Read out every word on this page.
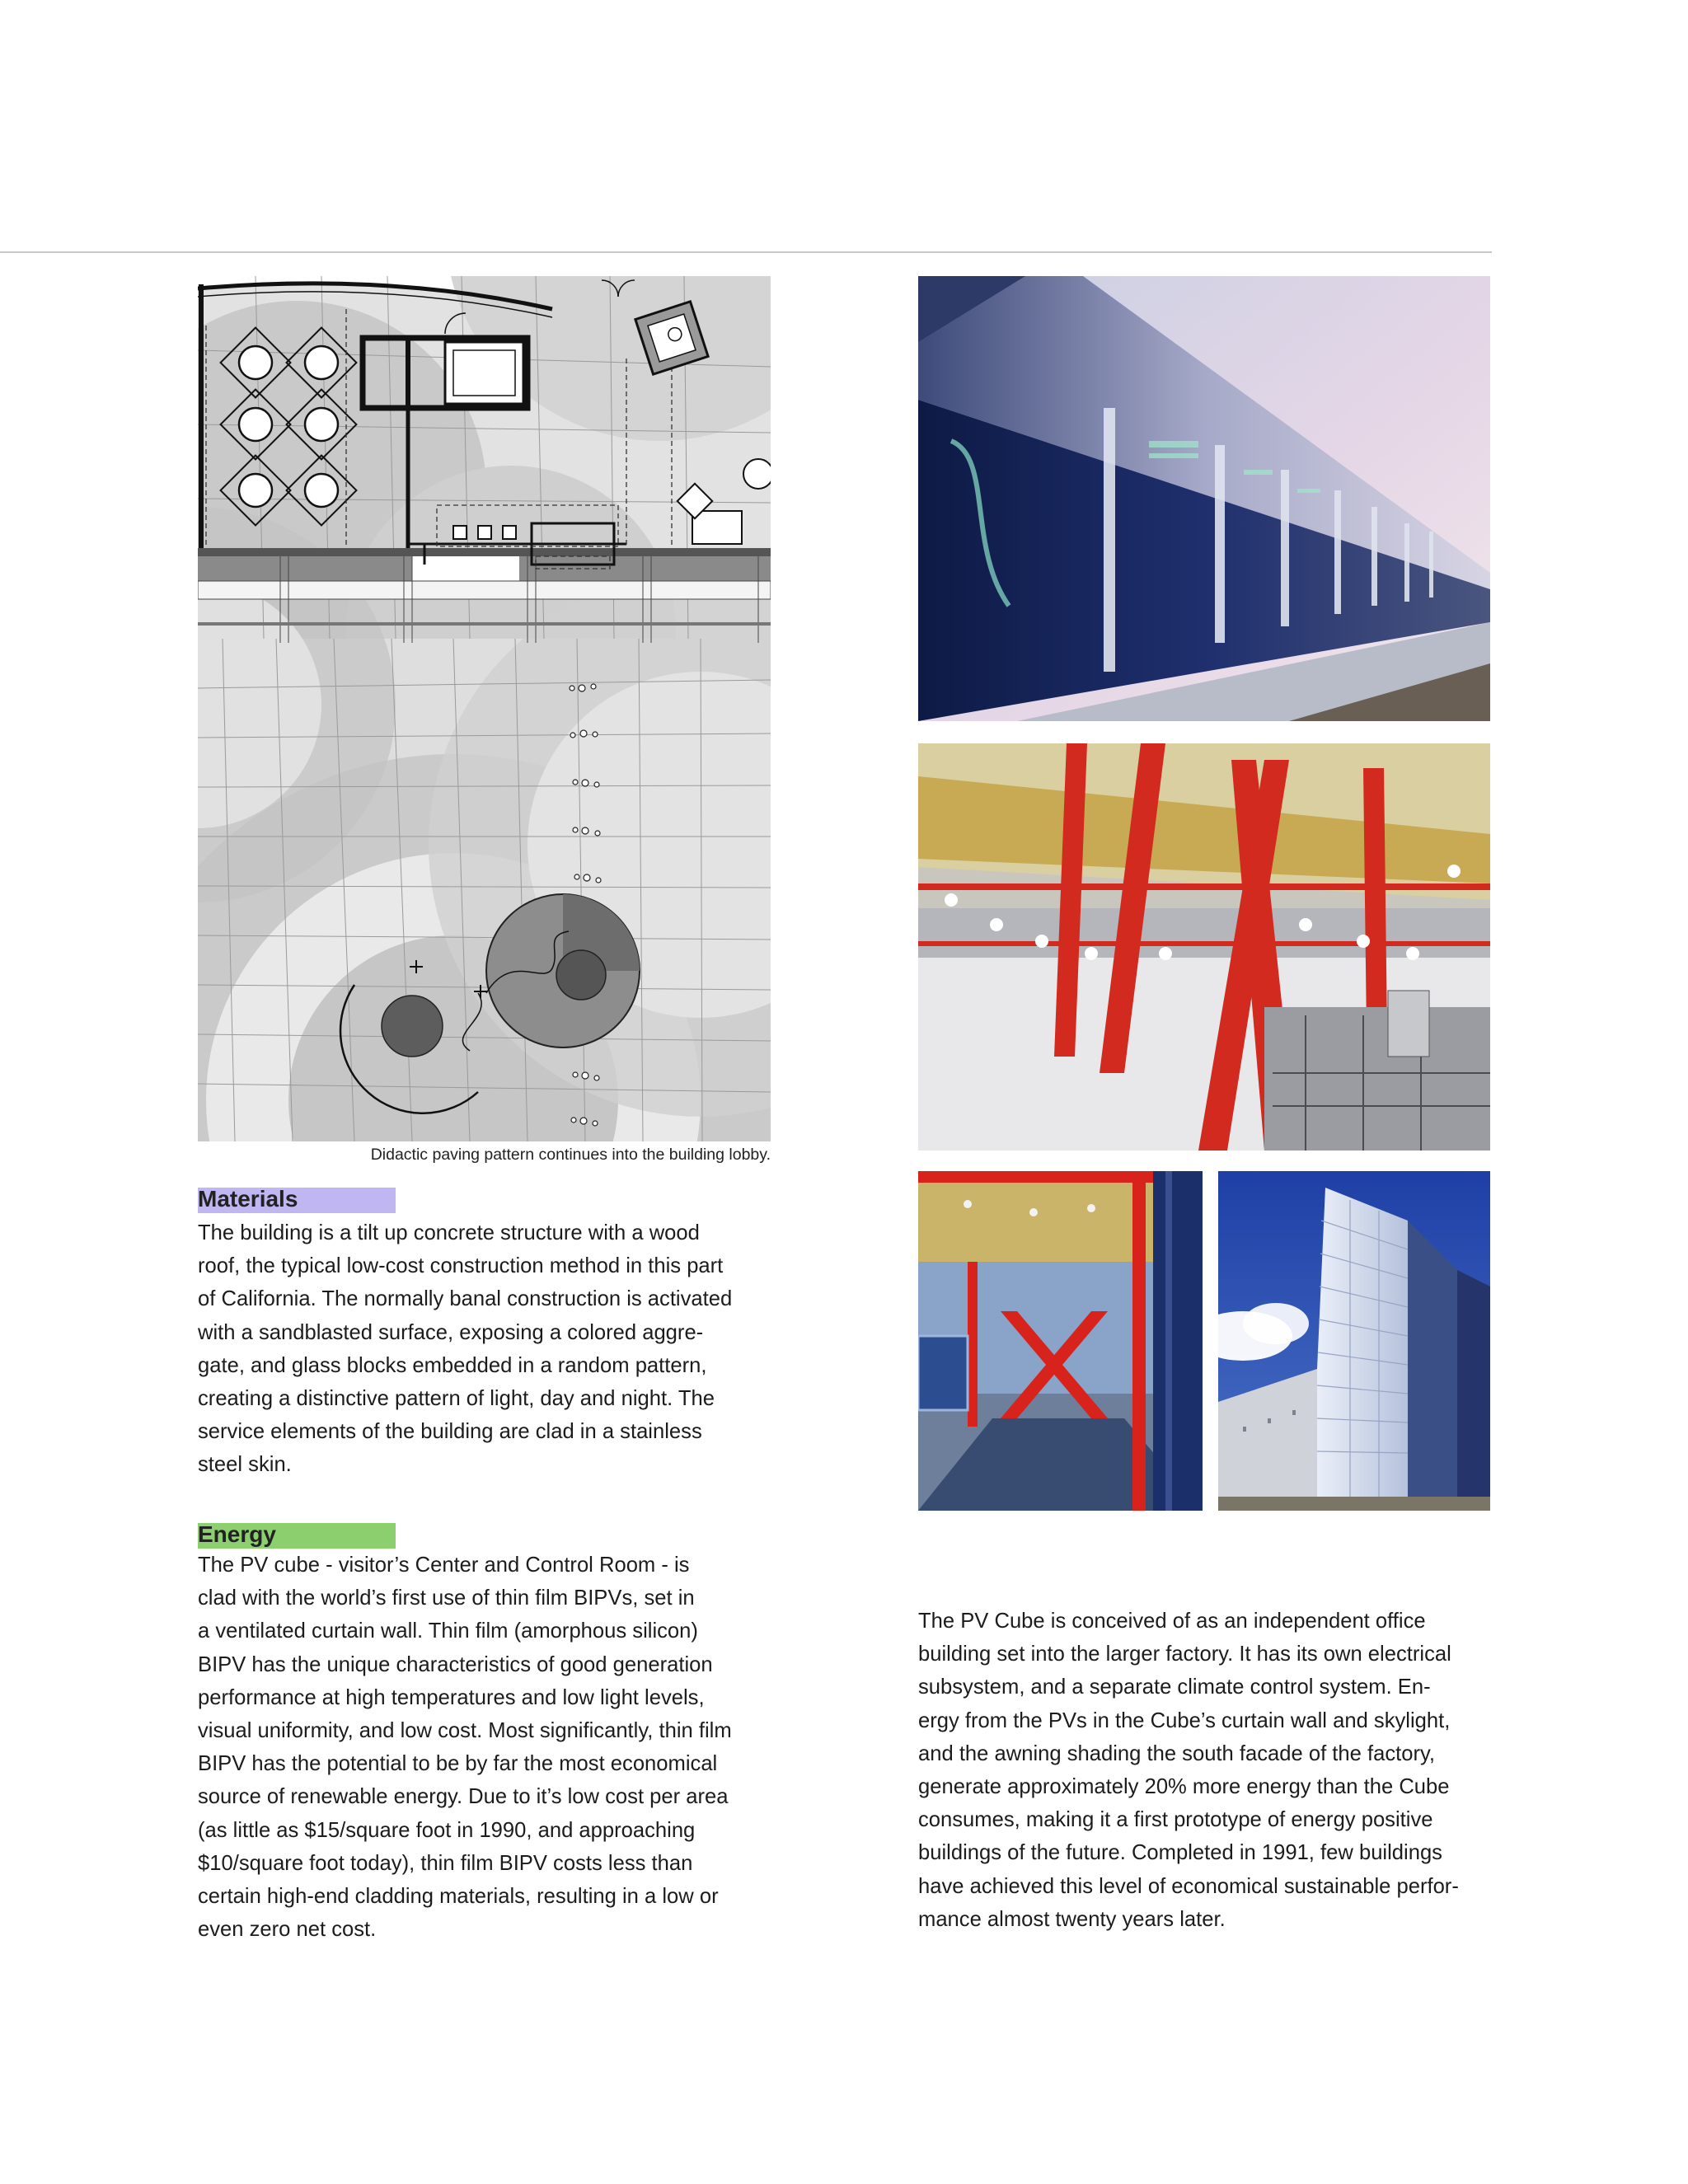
Didactic paving pattern continues into the building lobby.
Materials
The building is a tilt up concrete structure with a wood
roof, the typical low-cost construction method in this part
of California. The normally banal construction is activated
with a sandblasted surface, exposing a colored aggre-
gate, and glass blocks embedded in a random pattern,
creating a distinctive pattern of light, day and night. The
service elements of the building are clad in a stainless
steel skin.
Energy
The PV cube - visitor’s Center and Control Room - is
clad with the world’s first use of thin film BIPVs, set in
a ventilated curtain wall. Thin film (amorphous silicon)
BIPV has the unique characteristics of good generation
performance at high temperatures and low light levels,
visual uniformity, and low cost. Most significantly, thin film
BIPV has the potential to be by far the most economical
source of renewable energy. Due to it’s low cost per area
(as little as $15/square foot in 1990, and approaching
$10/square foot today), thin film BIPV costs less than
certain high-end cladding materials, resulting in a low or
even zero net cost.
The PV Cube is conceived of as an independent office
building set into the larger factory. It has its own electrical
subsystem, and a separate climate control system. En-
ergy from the PVs in the Cube’s curtain wall and skylight,
and the awning shading the south facade of the factory,
generate approximately 20% more energy than the Cube
consumes, making it a first prototype of energy positive
buildings of the future. Completed in 1991, few buildings
have achieved this level of economical sustainable perfor-
mance almost twenty years later.
